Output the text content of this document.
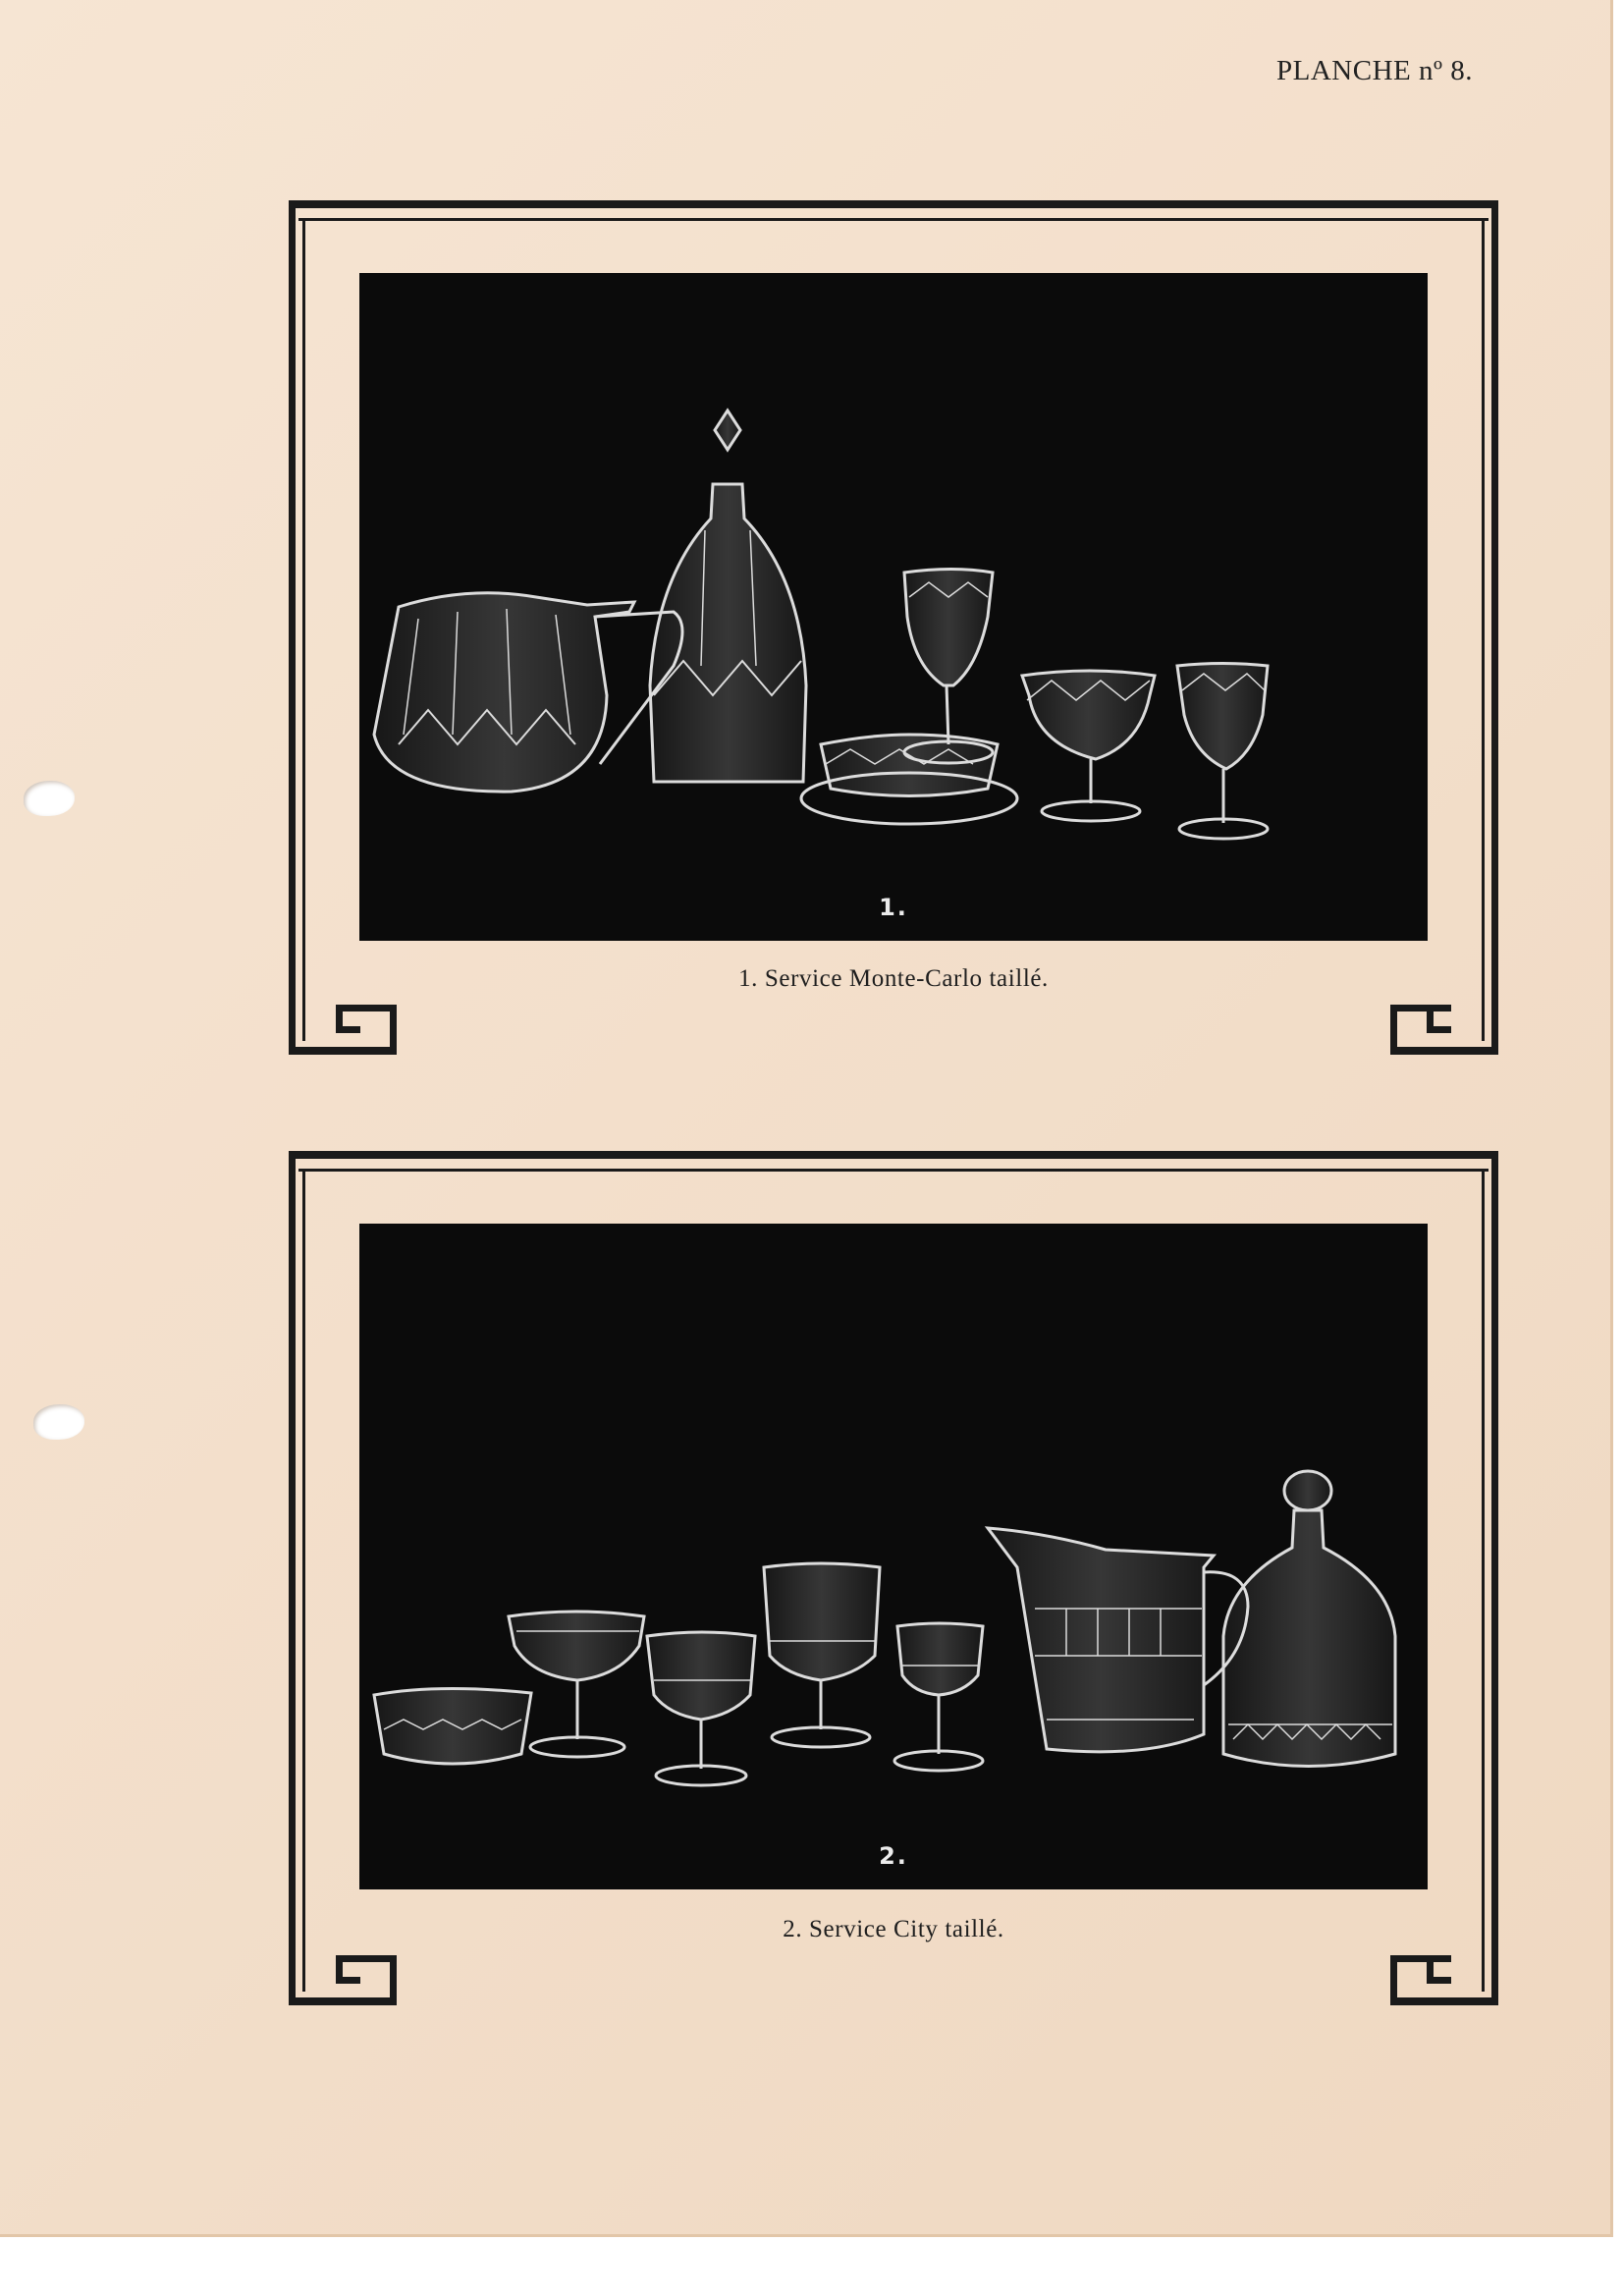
PLANCHE nº 8.
1.
1. Service Monte-Carlo taillé.
2.
2. Service City taillé.
